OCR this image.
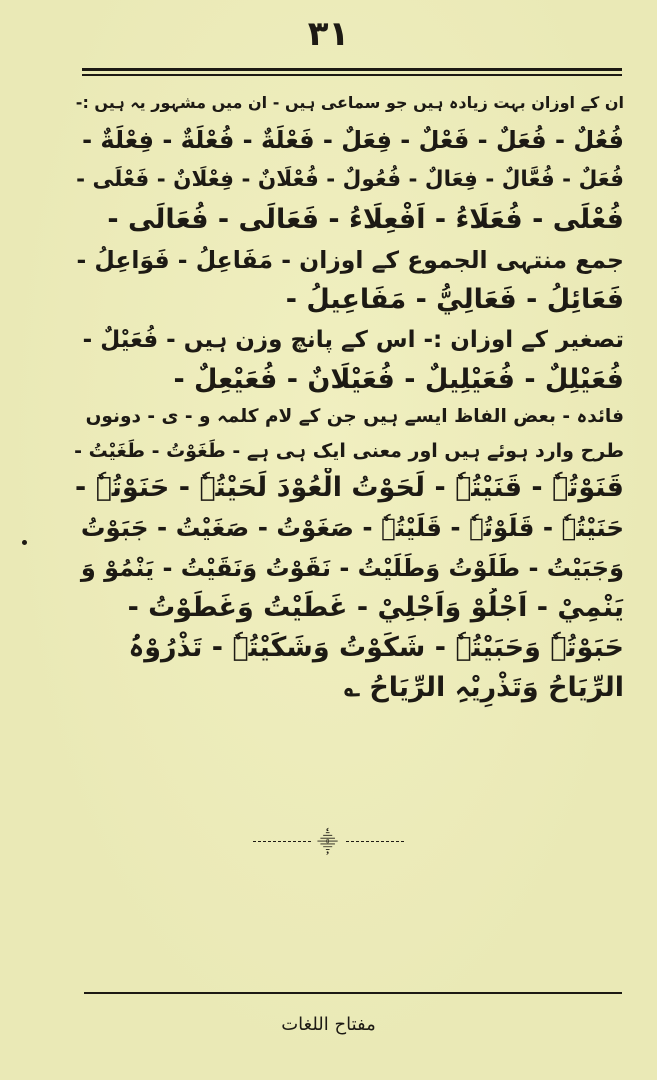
۳۱
ان کے اوزان بہت زیادہ ہیں جو سماعی ہیں - ان میں مشہور یہ ہیں :-
فُعُلٌ - فُعَلٌ - فَعْلٌ - فِعَلٌ - فَعْلَةٌ - فُعْلَةٌ - فِعْلَةٌ -
فُعَلٌ - فُعَّالٌ - فِعَالٌ - فُعُولٌ - فُعْلَانٌ - فِعْلَانٌ - فَعْلَى -
فُعْلَى - فُعَلَاءُ - اَفْعِلَاءُ - فَعَالَى - فُعَالَى -
جمع منتہی الجموع کے اوزان - مَفَاعِلُ - فَوَاعِلُ -
فَعَائِلُ - فَعَالِيُّ - مَفَاعِيلُ -
تصغیر کے اوزان :- اس کے پانچ وزن ہیں - فُعَيْلٌ -
فُعَيْلِلٌ - فُعَيْلِيلٌ - فُعَيْلَانٌ - فُعَيْعِلٌ -
فائدہ - بعض الفاظ ایسے ہیں جن کے لام کلمہ و - ی - دونوں
طرح وارد ہوئے ہیں اور معنی ایک ہی ہے - طَغَوْتُ - طَغَيْتُ -
قَنَوْتُہٗ - قَنَيْتُہٗ - لَحَوْتُ الْعُوْدَ لَحَيْتُہٗ - حَنَوْتُہٗ -
حَنَيْتُہٗ - قَلَوْتُہٗ - قَلَيْتُہٗ - صَغَوْتُ - صَغَيْتُ - جَبَوْتُ
وَجَبَيْتُ - طَلَوْتُ وَطَلَيْتُ - نَقَوْتُ وَنَقَيْتُ - يَنْمُوْ وَ
يَنْمِيْ - اَجْلُوْ وَاَجْلِيْ - غَطَيْتُ وَغَطَوْتُ -
حَبَوْتُہٗ وَحَبَيْتُہٗ - شَكَوْتُ وَشَكَيْتُہٗ - تَذْرُوْہُ
الرِّيَاحُ وَتَذْرِيْہِ الرِّيَاحُ ؎
⸎
مفتاح اللغات
